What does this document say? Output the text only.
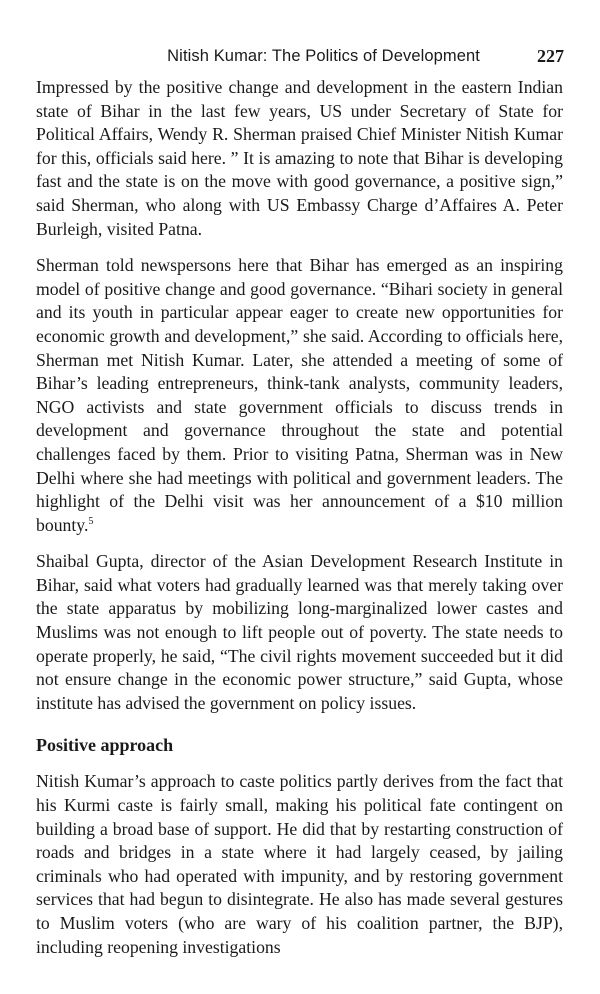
Nitish Kumar: The Politics of Development	227

Impressed by the positive change and development in the eastern Indian state of Bihar in the last few years, US under Secretary of State for Political Affairs, Wendy R. Sherman praised Chief Minister Nitish Kumar for this, officials said here. ” It is amazing to note that Bihar is developing fast and the state is on the move with good governance, a positive sign,” said Sherman, who along with US Embassy Charge d’Affaires A. Peter Burleigh, visited Patna.

Sherman told newspersons here that Bihar has emerged as an inspiring model of positive change and good governance. “Bihari society in general and its youth in particular appear eager to create new opportunities for economic growth and development,” she said. According to officials here, Sherman met Nitish Kumar. Later, she attended a meeting of some of Bihar’s leading entrepreneurs, think-tank analysts, community leaders, NGO activists and state government officials to discuss trends in development and governance throughout the state and potential challenges faced by them. Prior to visiting Patna, Sherman was in New Delhi where she had meetings with political and government leaders. The highlight of the Delhi visit was her announcement of a $10 million bounty.$^5$

Shaibal Gupta, director of the Asian Development Research Institute in Bihar, said what voters had gradually learned was that merely taking over the state apparatus by mobilizing long-marginalized lower castes and Muslims was not enough to lift people out of poverty. The state needs to operate properly, he said, “The civil rights movement succeeded but it did not ensure change in the economic power structure,” said Gupta, whose institute has advised the government on policy issues.

Positive approach

Nitish Kumar’s approach to caste politics partly derives from the fact that his Kurmi caste is fairly small, making his political fate contingent on building a broad base of support. He did that by restarting construction of roads and bridges in a state where it had largely ceased, by jailing criminals who had operated with impunity, and by restoring government services that had begun to disintegrate. He also has made several gestures to Muslim voters (who are wary of his coalition partner, the BJP), including reopening investigations
